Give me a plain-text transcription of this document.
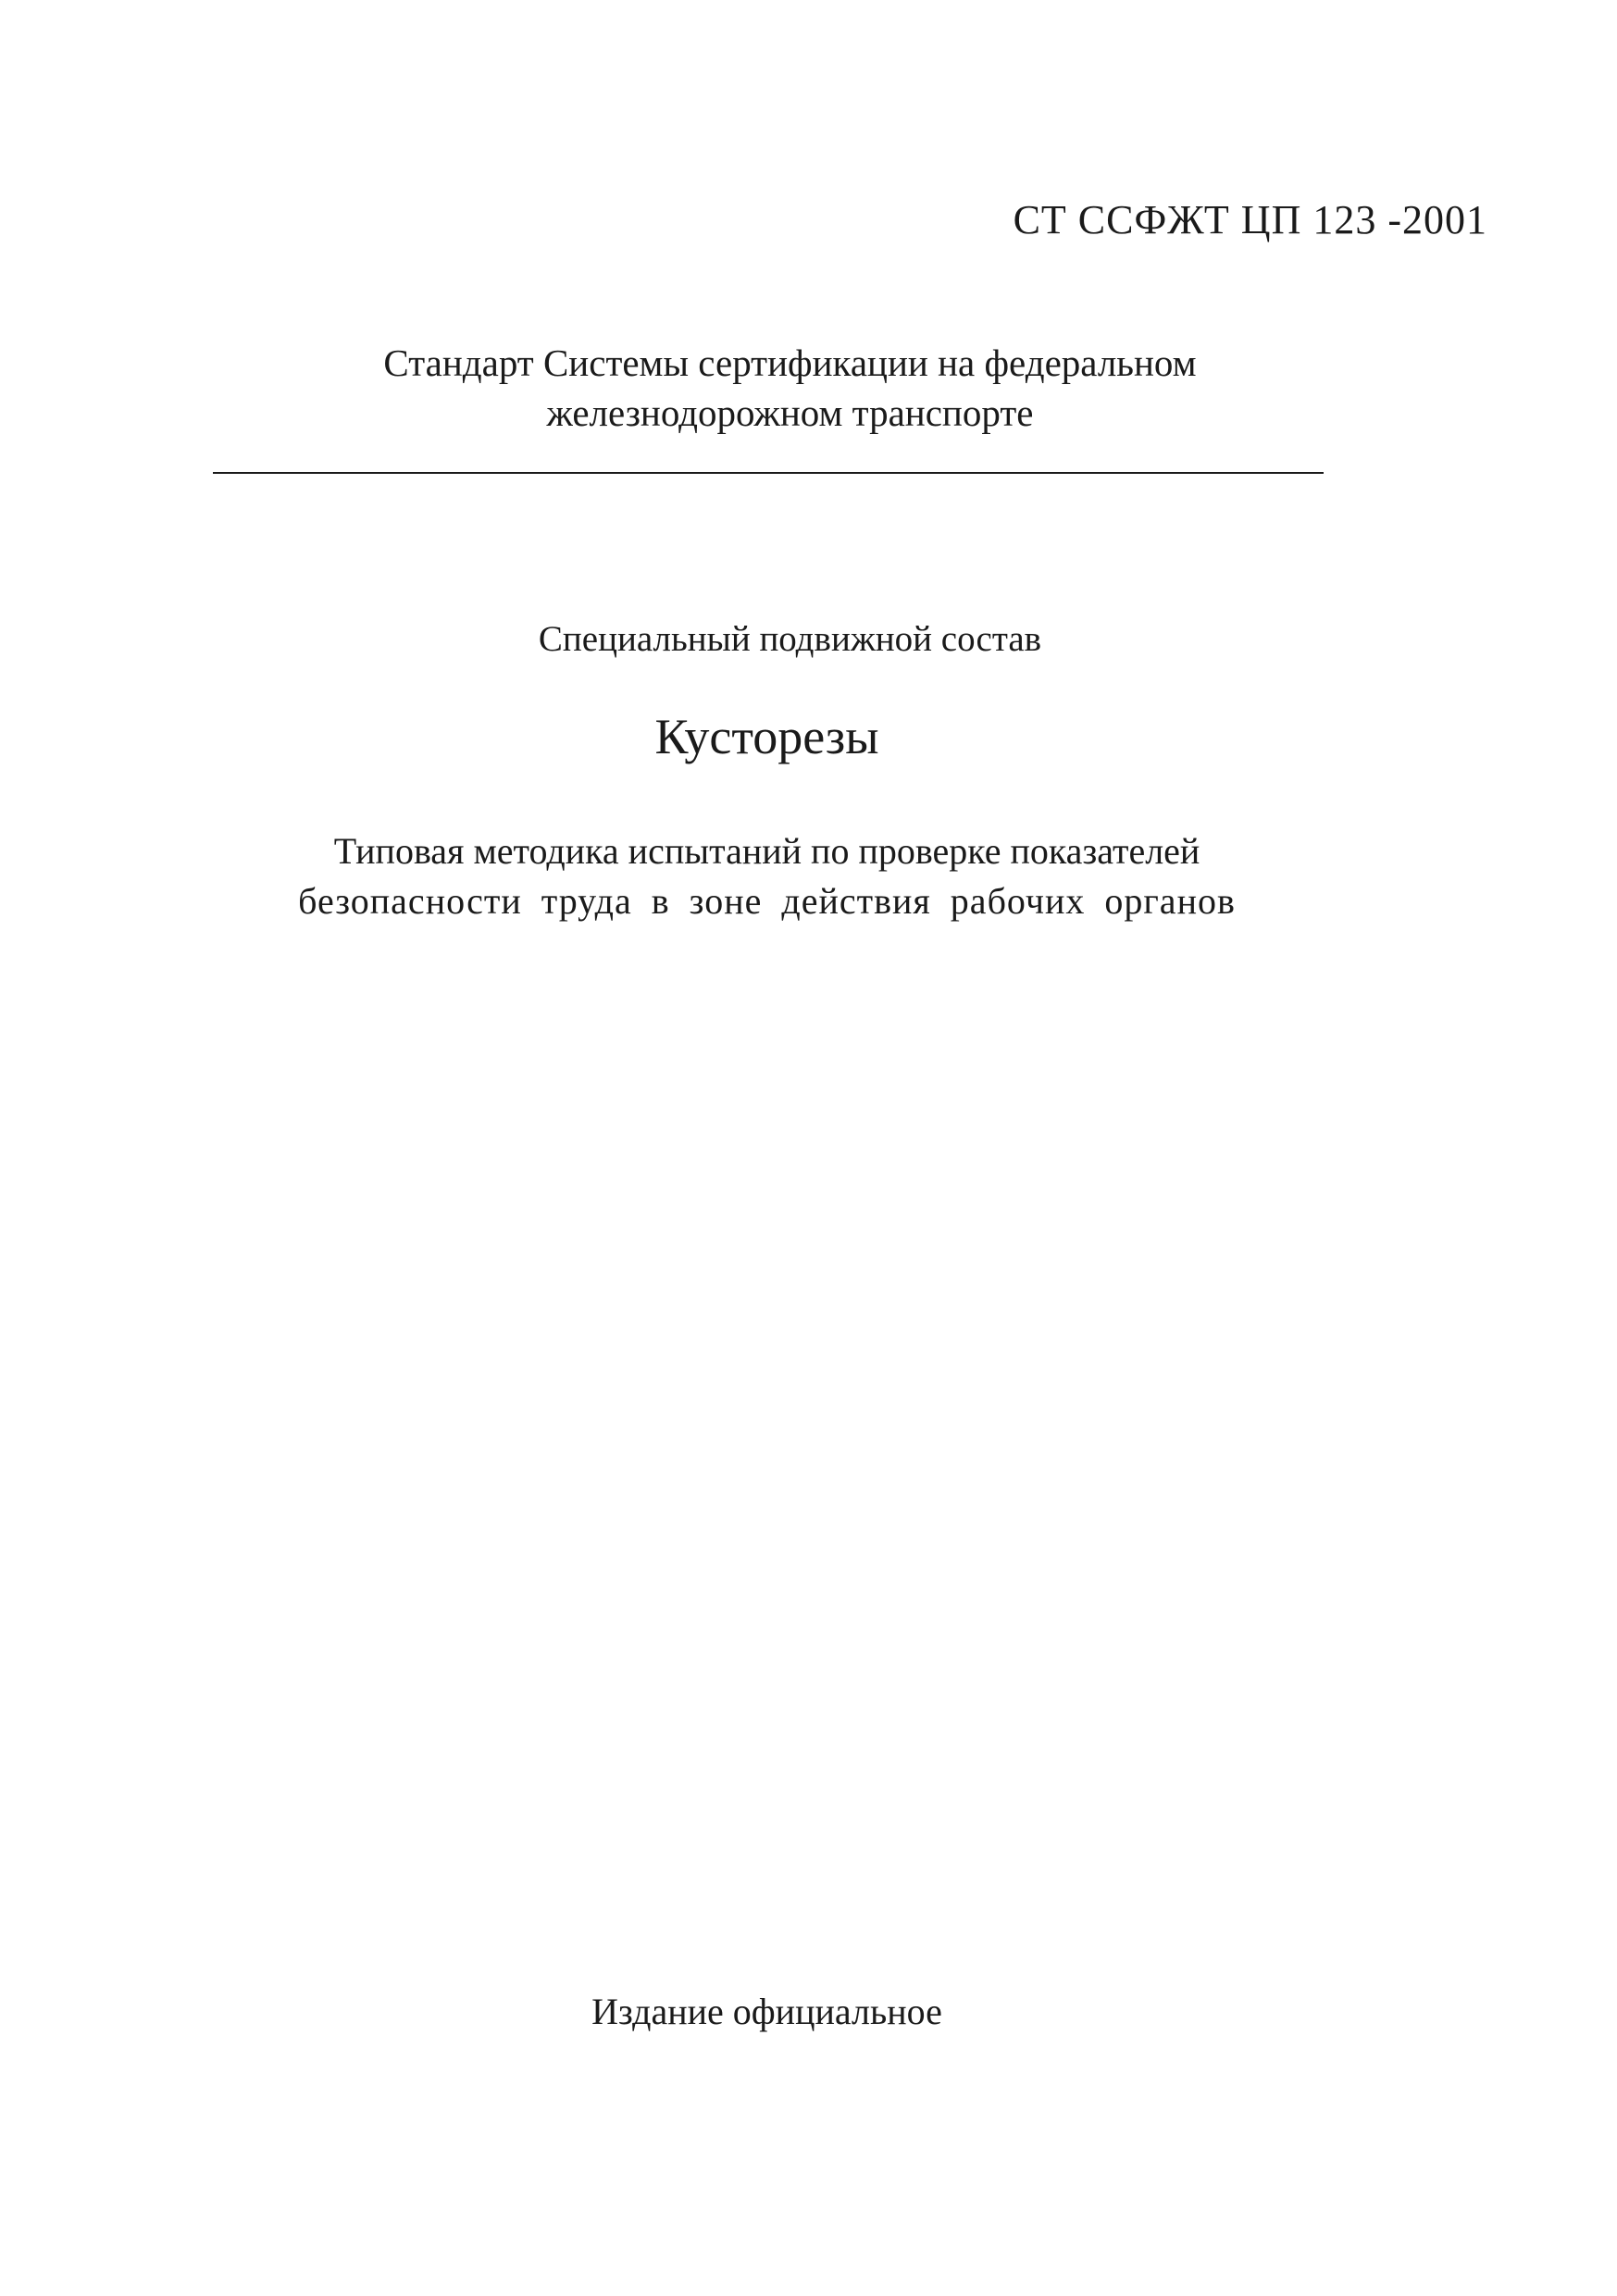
СТ ССФЖТ ЦП 123 -2001
Стандарт Системы сертификации на федеральном
железнодорожном транспорте
Специальный подвижной состав
Кусторезы
Типовая методика испытаний по проверке показателей
безопасности труда в зоне действия рабочих органов
Издание официальное
